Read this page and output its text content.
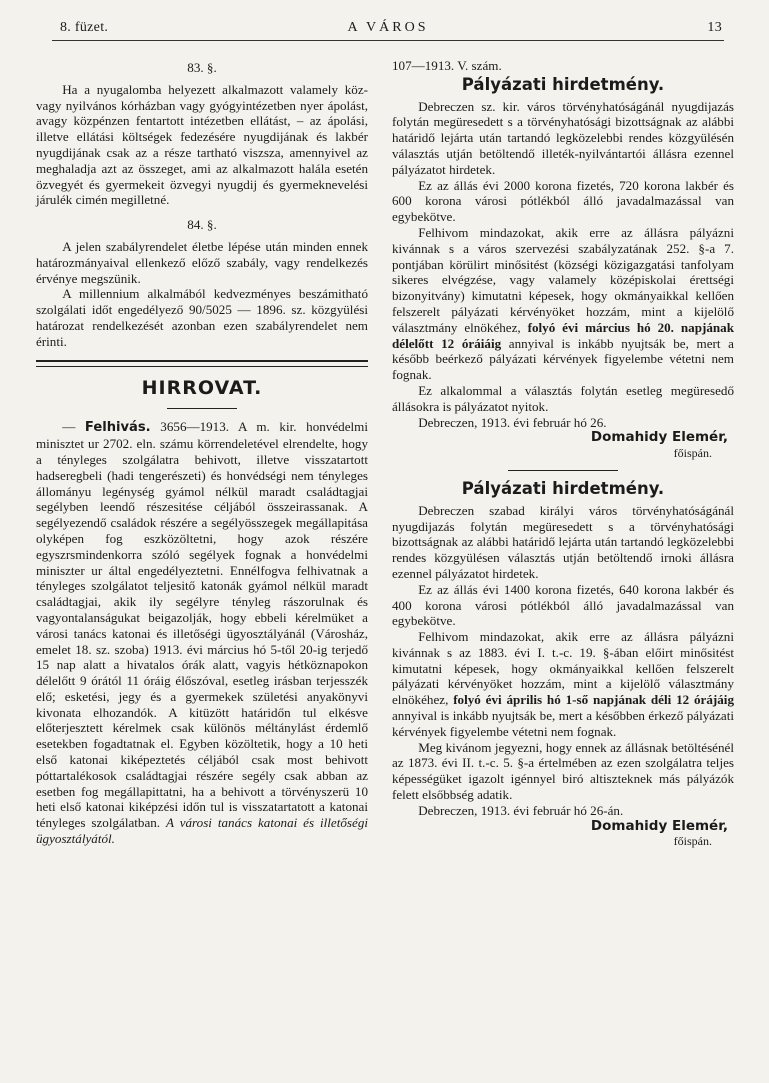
8. füzet.	A VÁROS	13
83. §.

Ha a nyugalomba helyezett alkalmazott valamely köz- vagy nyilvános kórházban vagy gyógyintézetben nyer ápolást, avagy közpénzen fentartott intézetben ellátást, – az ápolási, illetve ellátási költségek fedezésére nyugdijának és lakbér nyugdijának csak az a része tartható viszsza, amennyivel az meghaladja azt az összeget, ami az alkalmazott halála esetén özvegyét és gyermekeit özvegyi nyugdij és gyermeknevelési járulék cimén megilletné.

84. §.

A jelen szabályrendelet életbe lépése után minden ennek határozmányaival ellenkező előző szabály, vagy rendelkezés érvénye megszünik.

A millennium alkalmából kedvezményes beszámitható szolgálati időt engedélyező 90/5025 — 1896. sz. közgyülési határozat rendelkezését azonban ezen szabályrendelet nem érinti.

HIRROVAT.

— Felhivás. 3656—1913. A m. kir. honvédelmi minisztet ur 2702. eln. számu körrendeletével elrendelte, hogy a tényleges szolgálatra behivott, illetve visszatartott hadseregbeli (hadi tengerészeti) és honvédségi nem tényleges állományu legénység gyámol nélkül maradt családtagjai segélyben leendő részesitése céljából összeirassanak. A segélyezendő családok részére a segélyösszegek megállapitása olyképen fog eszközöltetni, hogy azok részére egyszrsmindenkorra szóló segélyek fognak a honvédelmi miniszter ur által engedélyeztetni. Ennélfogva felhivatnak a tényleges szolgálatot teljesitő katonák gyámol nélkül maradt családtagjai, akik ily segélyre tényleg rászorulnak és vagyontalanságukat beigazolják, hogy ebbeli kérelmüket a városi tanács katonai és illetőségi ügyosztályánál (Városház, emelet 18. sz. szoba) 1913. évi március hó 5-től 20-ig terjedő 15 nap alatt a hivatalos órák alatt, vagyis hétköznapokon délelőtt 9 órától 11 óráig élőszóval, esetleg irásban terjesszék elő; esketési, jegy és a gyermekek születési anyakönyvi kivonata elhozandók. A kitüzött határidőn tul elkésve előterjesztett kérelmek csak különös méltánylást érdemlő esetekben fogadtatnak el. Egyben közöltetik, hogy a 10 heti első katonai kiképeztetés céljából csak most behivott póttartalékosok családtagjai részére segély csak abban az esetben fog megállapittatni, ha a behivott a törvényszerü 10 heti első katonai kiképzési időn tul is visszatartatott a katonai tényleges szolgálatban. A városi tanács katonai és illetőségi ügyosztályától.

107—1913. V. szám.
Pályázati hirdetmény.

Debreczen sz. kir. város törvényhatóságánál nyugdijazás folytán megüresedett s a törvényhatósági bizottságnak az alábbi határidő lejárta után tartandó legközelebbi rendes közgyülésén választás utján betöltendő illeték-nyilvántartói állásra ezennel pályázatot hirdetek.

Ez az állás évi 2000 korona fizetés, 720 korona lakbér és 600 korona városi pótlékból álló javadalmazással van egybekötve.

Felhivom mindazokat, akik erre az állásra pályázni kivánnak s a város szervezési szabályzatának 252. §-a 7. pontjában körülirt minősitést (községi közigazgatási tanfolyam sikeres elvégzése, vagy valamely középiskolai érettségi bizonyitvány) kimutatni képesek, hogy okmányaikkal kellően felszerelt pályázati kérvényöket hozzám, mint a kijelölő választmány elnökéhez, folyó évi március hó 20. napjának délelőtt 12 óráiáig annyival is inkább nyujtsák be, mert a később beérkező pályázati kérvények figyelembe vétetni nem fognak.

Ez alkalommal a választás folytán esetleg megüresedő állásokra is pályázatot nyitok.

Debreczen, 1913. évi február hó 26.

Domahidy Elemér,
főispán.
Pályázati hirdetmény.

Debreczen szabad királyi város törvényhatóságánál nyugdijazás folytán megüresedett s a törvényhatósági bizottságnak az alábbi határidő lejárta után tartandó legközelebbi rendes közgyülésen választás utján betöltendő irnoki állásra ezennel pályázatot hirdetek.

Ez az állás évi 1400 korona fizetés, 640 korona lakbér és 400 korona városi pótlékból álló javadalmazással van egybekötve.

Felhivom mindazokat, akik erre az állásra pályázni kivánnak s az 1883. évi I. t.-c. 19. §-ában előirt minősitést kimutatni képesek, hogy okmányaikkal kellően felszerelt pályázati kérvényöket hozzám, mint a kijelölő választmány elnökéhez, folyó évi április hó 1-ső napjának déli 12 órájáig annyival is inkább nyujtsák be, mert a későbben érkező pályázati kérvények figyelembe vétetni nem fognak.

Meg kivánom jegyezni, hogy ennek az állásnak betöltésénél az 1873. évi II. t.-c. 5. §-a értelmében az ezen szolgálatra teljes képességüket igazolt igénnyel biró altiszteknek más pályázók felett elsőbbség adatik.

Debreczen, 1913. évi február hó 26-án.

Domahidy Elemér,
főispán.
